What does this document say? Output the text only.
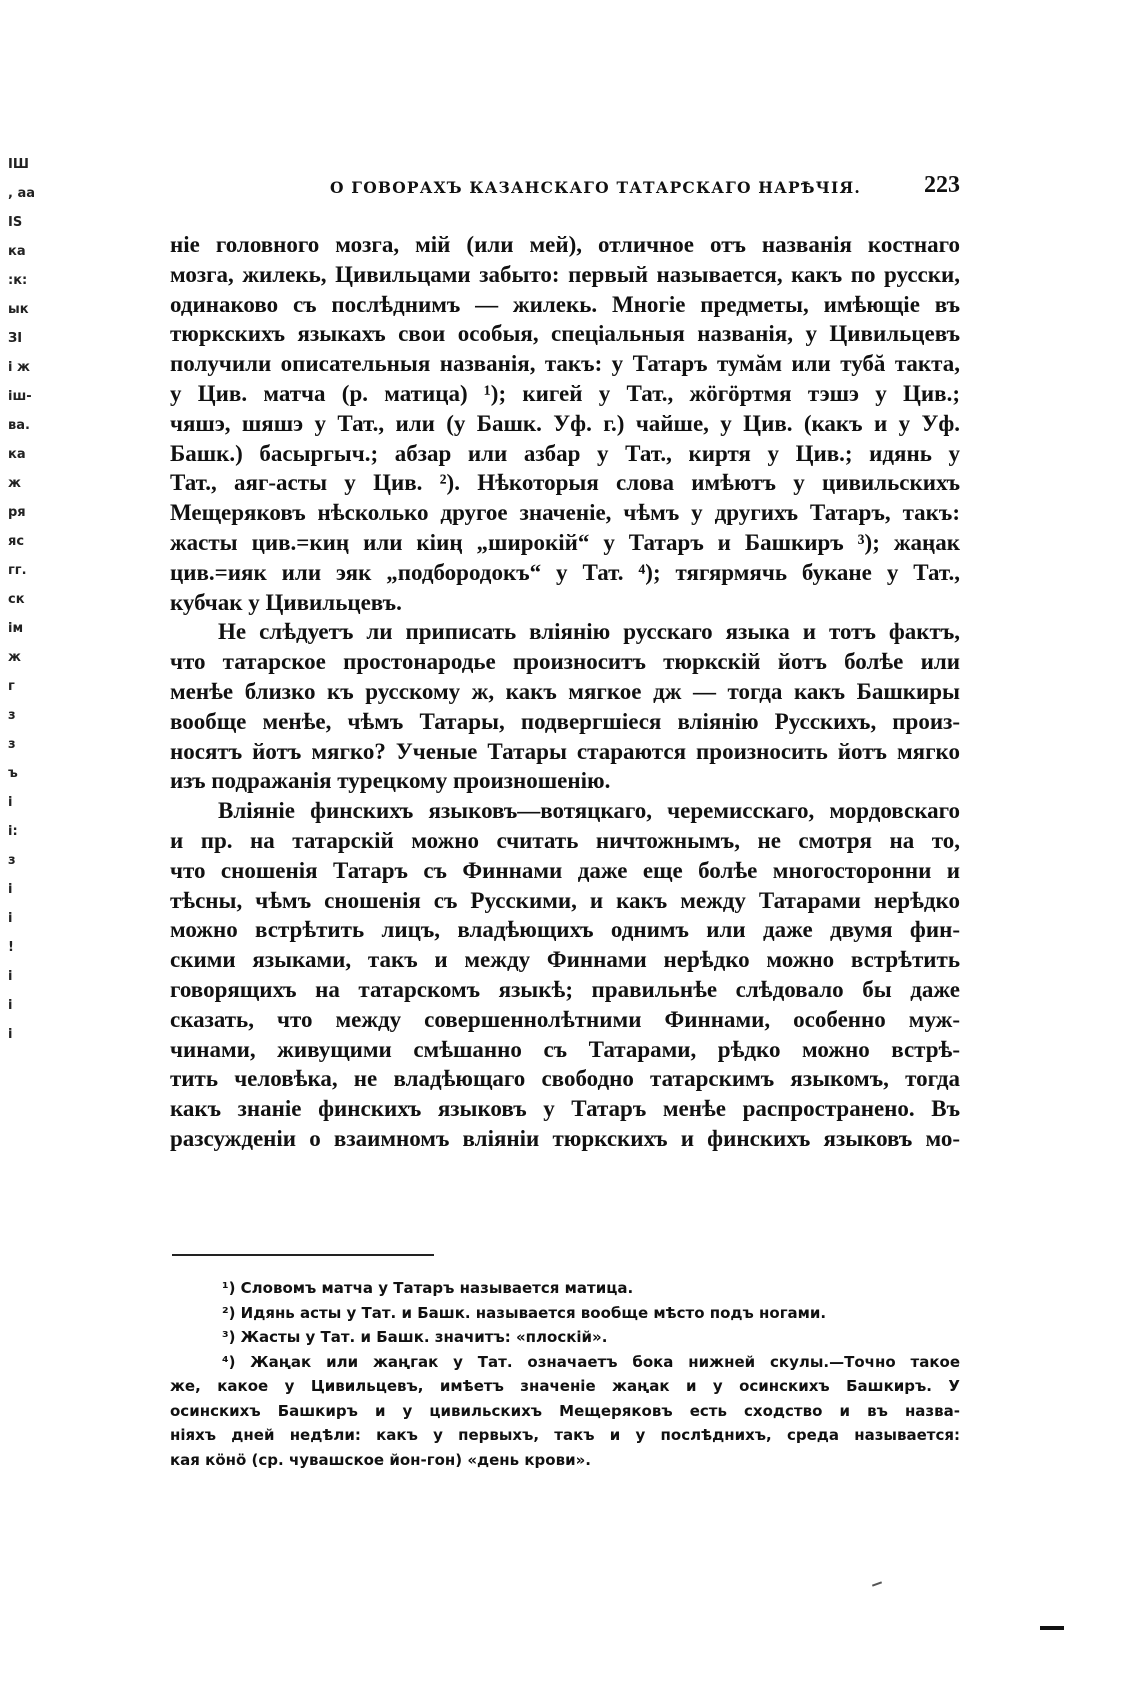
ІШ
, аа
ІЅ
ка
:к:
ык
ЗІ
і ж
іш-
ва.
ка
ж
ря
яс
гг.
ск
ім
ж
г
з
з
ъ
і
і:
з
і
і
!
і
і
і
О ГОВОРАХЪ КАЗАНСКАГО ТАТАРСКАГО НАРѢЧІЯ.	223
ніе головного мозга, мій (или мей), отличное отъ названія костнаго
мозга, жилекь, Цивильцами забыто: первый называется, какъ по русски,
одинаково съ послѣднимъ — жилекь. Многіе предметы, имѣющіе въ
тюркскихъ языкахъ свои особыя, спеціальныя названія, у Цивильцевъ
получили описательныя названія, такъ: у Татаръ тумăм или тубă такта,
у Цив. матча (р. матица) ¹); кигей у Тат., жöгöртмя тэшэ у Цив.;
чяшэ, шяшэ у Тат., или (у Башк. Уф. г.) чайше, у Цив. (какъ и у Уф.
Башк.) басыргыч.; абзар или азбар у Тат., киртя у Цив.; идянь у
Тат., аяг-асты у Цив. ²). Нѣкоторыя слова имѣютъ у цивильскихъ
Мещеряковъ нѣсколько другое значеніе, чѣмъ у другихъ Татаръ, такъ:
жасты цив.=киң или кіиң „широкій“ у Татаръ и Башкиръ ³); жаңак
цив.=ияк или эяк „подбородокъ“ у Тат. ⁴); тягярмячь букане у Тат.,
кубчак у Цивильцевъ.
Не слѣдуетъ ли приписать вліянію русскаго языка и тотъ фактъ,
что татарское простонародье произноситъ тюркскій йотъ болѣе или
менѣе близко къ русскому ж, какъ мягкое дж — тогда какъ Башкиры
вообще менѣе, чѣмъ Татары, подвергшіеся вліянію Русскихъ, произ-
носятъ йотъ мягко? Ученые Татары стараются произносить йотъ мягко
изъ подражанія турецкому произношенію.
Вліяніе финскихъ языковъ—вотяцкаго, черемисскаго, мордовскаго
и пр. на татарскій можно считать ничтожнымъ, не смотря на то,
что сношенія Татаръ съ Финнами даже еще болѣе многосторонни и
тѣсны, чѣмъ сношенія съ Русскими, и какъ между Татарами нерѣдко
можно встрѣтить лицъ, владѣющихъ однимъ или даже двумя фин-
скими языками, такъ и между Финнами нерѣдко можно встрѣтить
говорящихъ на татарскомъ языкѣ; правильнѣе слѣдовало бы даже
сказать, что между совершеннолѣтними Финнами, особенно муж-
чинами, живущими смѣшанно съ Татарами, рѣдко можно встрѣ-
тить человѣка, не владѣющаго свободно татарскимъ языкомъ, тогда
какъ знаніе финскихъ языковъ у Татаръ менѣе распространено. Въ
разсужденіи о взаимномъ вліяніи тюркскихъ и финскихъ языковъ мо-
¹) Словомъ матча у Татаръ называется матица.
²) Идянь асты у Тат. и Башк. называется вообще мѣсто подъ ногами.
³) Жасты у Тат. и Башк. значитъ: «плоскій».
⁴) Жаңак или жаңгак у Тат. означаетъ бока нижней скулы.—Точно такое
же, какое у Цивильцевъ, имѣетъ значеніе жаңак и у осинскихъ Башкиръ. У
осинскихъ Башкиръ и у цивильскихъ Мещеряковъ есть сходство и въ назва-
ніяхъ дней недѣли: какъ у первыхъ, такъ и у послѣднихъ, среда называется:
кая кöнö (ср. чувашское йон-гон) «день крови».
